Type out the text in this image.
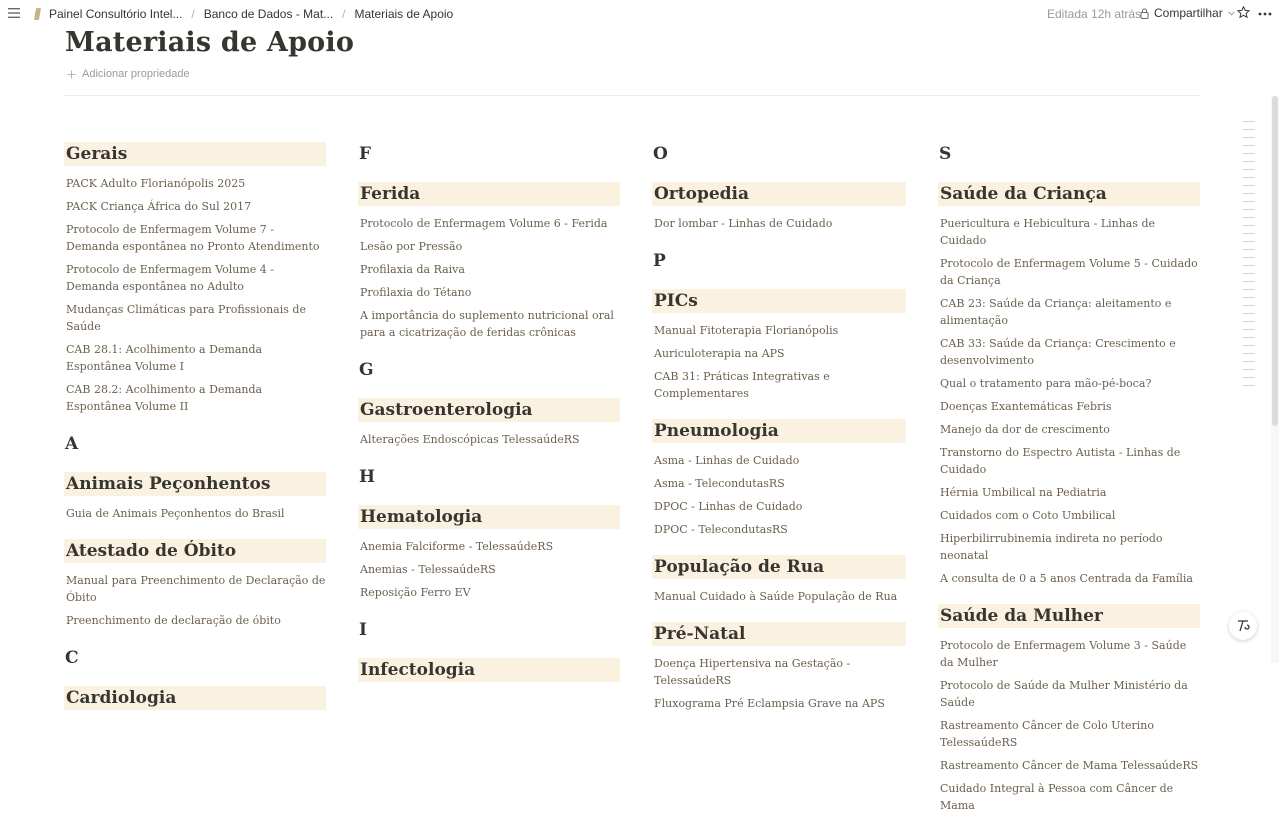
Painel Consultório Intel... / Banco de Dados - Mat... / Materiais de Apoio	Editada 12h atrás Compartilhar
Materiais de Apoio
Adicionar propriedade
Gerais
PACK Adulto Florianópolis 2025
PACK Criança África do Sul 2017
Protocolo de Enfermagem Volume 7 - Demanda espontânea no Pronto Atendimento
Protocolo de Enfermagem Volume 4 - Demanda espontânea no Adulto
Mudanças Climáticas para Profissionais de Saúde
CAB 28.1: Acolhimento a Demanda Espontânea Volume I
CAB 28.2: Acolhimento a Demanda Espontânea Volume II
A
Animais Peçonhentos
Guia de Animais Peçonhentos do Brasil
Atestado de Óbito
Manual para Preenchimento de Declaração de Óbito
Preenchimento de declaração de óbito
C
Cardiologia
F
Ferida
Protocolo de Enfermagem Volume 6 - Ferida
Lesão por Pressão
Profilaxia da Raiva
Profilaxia do Tétano
A importância do suplemento nutricional oral para a cicatrização de feridas crônicas
G
Gastroenterologia
Alterações Endoscópicas TelessaúdeRS
H
Hematologia
Anemia Falciforme - TelessaúdeRS
Anemias - TelessaúdeRS
Reposição Ferro EV
I
Infectologia
O
Ortopedia
Dor lombar - Linhas de Cuidado
P
PICs
Manual Fitoterapia Florianópolis
Auriculoterapia na APS
CAB 31: Práticas Integrativas e Complementares
Pneumologia
Asma - Linhas de Cuidado
Asma - TelecondutasRS
DPOC - Linhas de Cuidado
DPOC - TelecondutasRS
População de Rua
Manual Cuidado à Saúde População de Rua
Pré-Natal
Doença Hipertensiva na Gestação - TelessaúdeRS
Fluxograma Pré Eclampsia Grave na APS
S
Saúde da Criança
Puericultura e Hebicultura - Linhas de Cuidado
Protocolo de Enfermagem Volume 5 - Cuidado da Criança
CAB 23: Saúde da Criança: aleitamento e alimentação
CAB 33: Saúde da Criança: Crescimento e desenvolvimento
Qual o tratamento para mão-pé-boca?
Doenças Exantemáticas Febris
Manejo da dor de crescimento
Transtorno do Espectro Autista - Linhas de Cuidado
Hérnia Umbilical na Pediatria
Cuidados com o Coto Umbilical
Hiperbilirrubinemia indireta no período neonatal
A consulta de 0 a 5 anos Centrada da Família
Saúde da Mulher
Protocolo de Enfermagem Volume 3 - Saúde da Mulher
Protocolo de Saúde da Mulher Ministério da Saúde
Rastreamento Câncer de Colo Uterino TelessaúdeRS
Rastreamento Câncer de Mama TelessaúdeRS
Cuidado Integral à Pessoa com Câncer de Mama
